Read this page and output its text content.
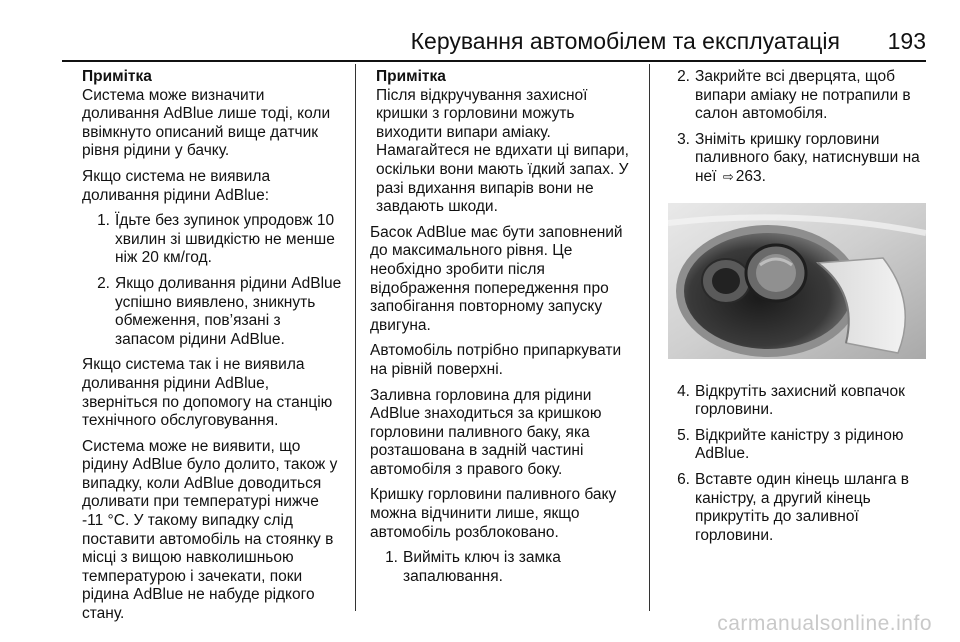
Керування автомобілем та експлуатація 193
Примітка
Система може визначити доливання AdBlue лише тоді, коли ввімкнуто описаний вище датчик рівня рідини у бачку.

Якщо система не виявила доливання рідини AdBlue:

1. Їдьте без зупинок упродовж 10 хвилин зі швидкістю не менше ніж 20 км/год.
2. Якщо доливання рідини AdBlue успішно виявлено, зникнуть обмеження, пов’язані з запасом рідини AdBlue.

Якщо система так і не виявила доливання рідини AdBlue, зверніться по допомогу на станцію технічного обслуговування.

Система може не виявити, що рідину AdBlue було долито, також у випадку, коли AdBlue доводиться доливати при температурі нижче -11 °C. У такому випадку слід поставити автомобіль на стоянку в місці з вищою навколишньою температурою і зачекати, поки рідина AdBlue не набуде рідкого стану.

Примітка
Після відкручування захисної кришки з горловини можуть виходити випари аміаку. Намагайтеся не вдихати ці випари, оскільки вони мають їдкий запах. У разі вдихання випарів вони не завдають шкоди.

Басок AdBlue має бути заповнений до максимального рівня. Це необхідно зробити після відображення попередження про запобігання повторному запуску двигуна.

Автомобіль потрібно припаркувати на рівній поверхні.

Заливна горловина для рідини AdBlue знаходиться за кришкою горловини паливного баку, яка розташована в задній частині автомобіля з правого боку.

Кришку горловини паливного баку можна відчинити лише, якщо автомобіль розблоковано.

1. Вийміть ключ із замка запалювання.
2. Закрийте всі дверцята, щоб випари аміаку не потрапили в салон автомобіля.
3. Зніміть кришку горловини паливного баку, натиснувши на неї ⇨ 263.
4. Відкрутіть захисний ковпачок горловини.
5. Відкрийте каністру з рідиною AdBlue.
6. Вставте один кінець шланга в каністру, а другий кінець прикрутіть до заливної горловини.
carmanualsonline.info
